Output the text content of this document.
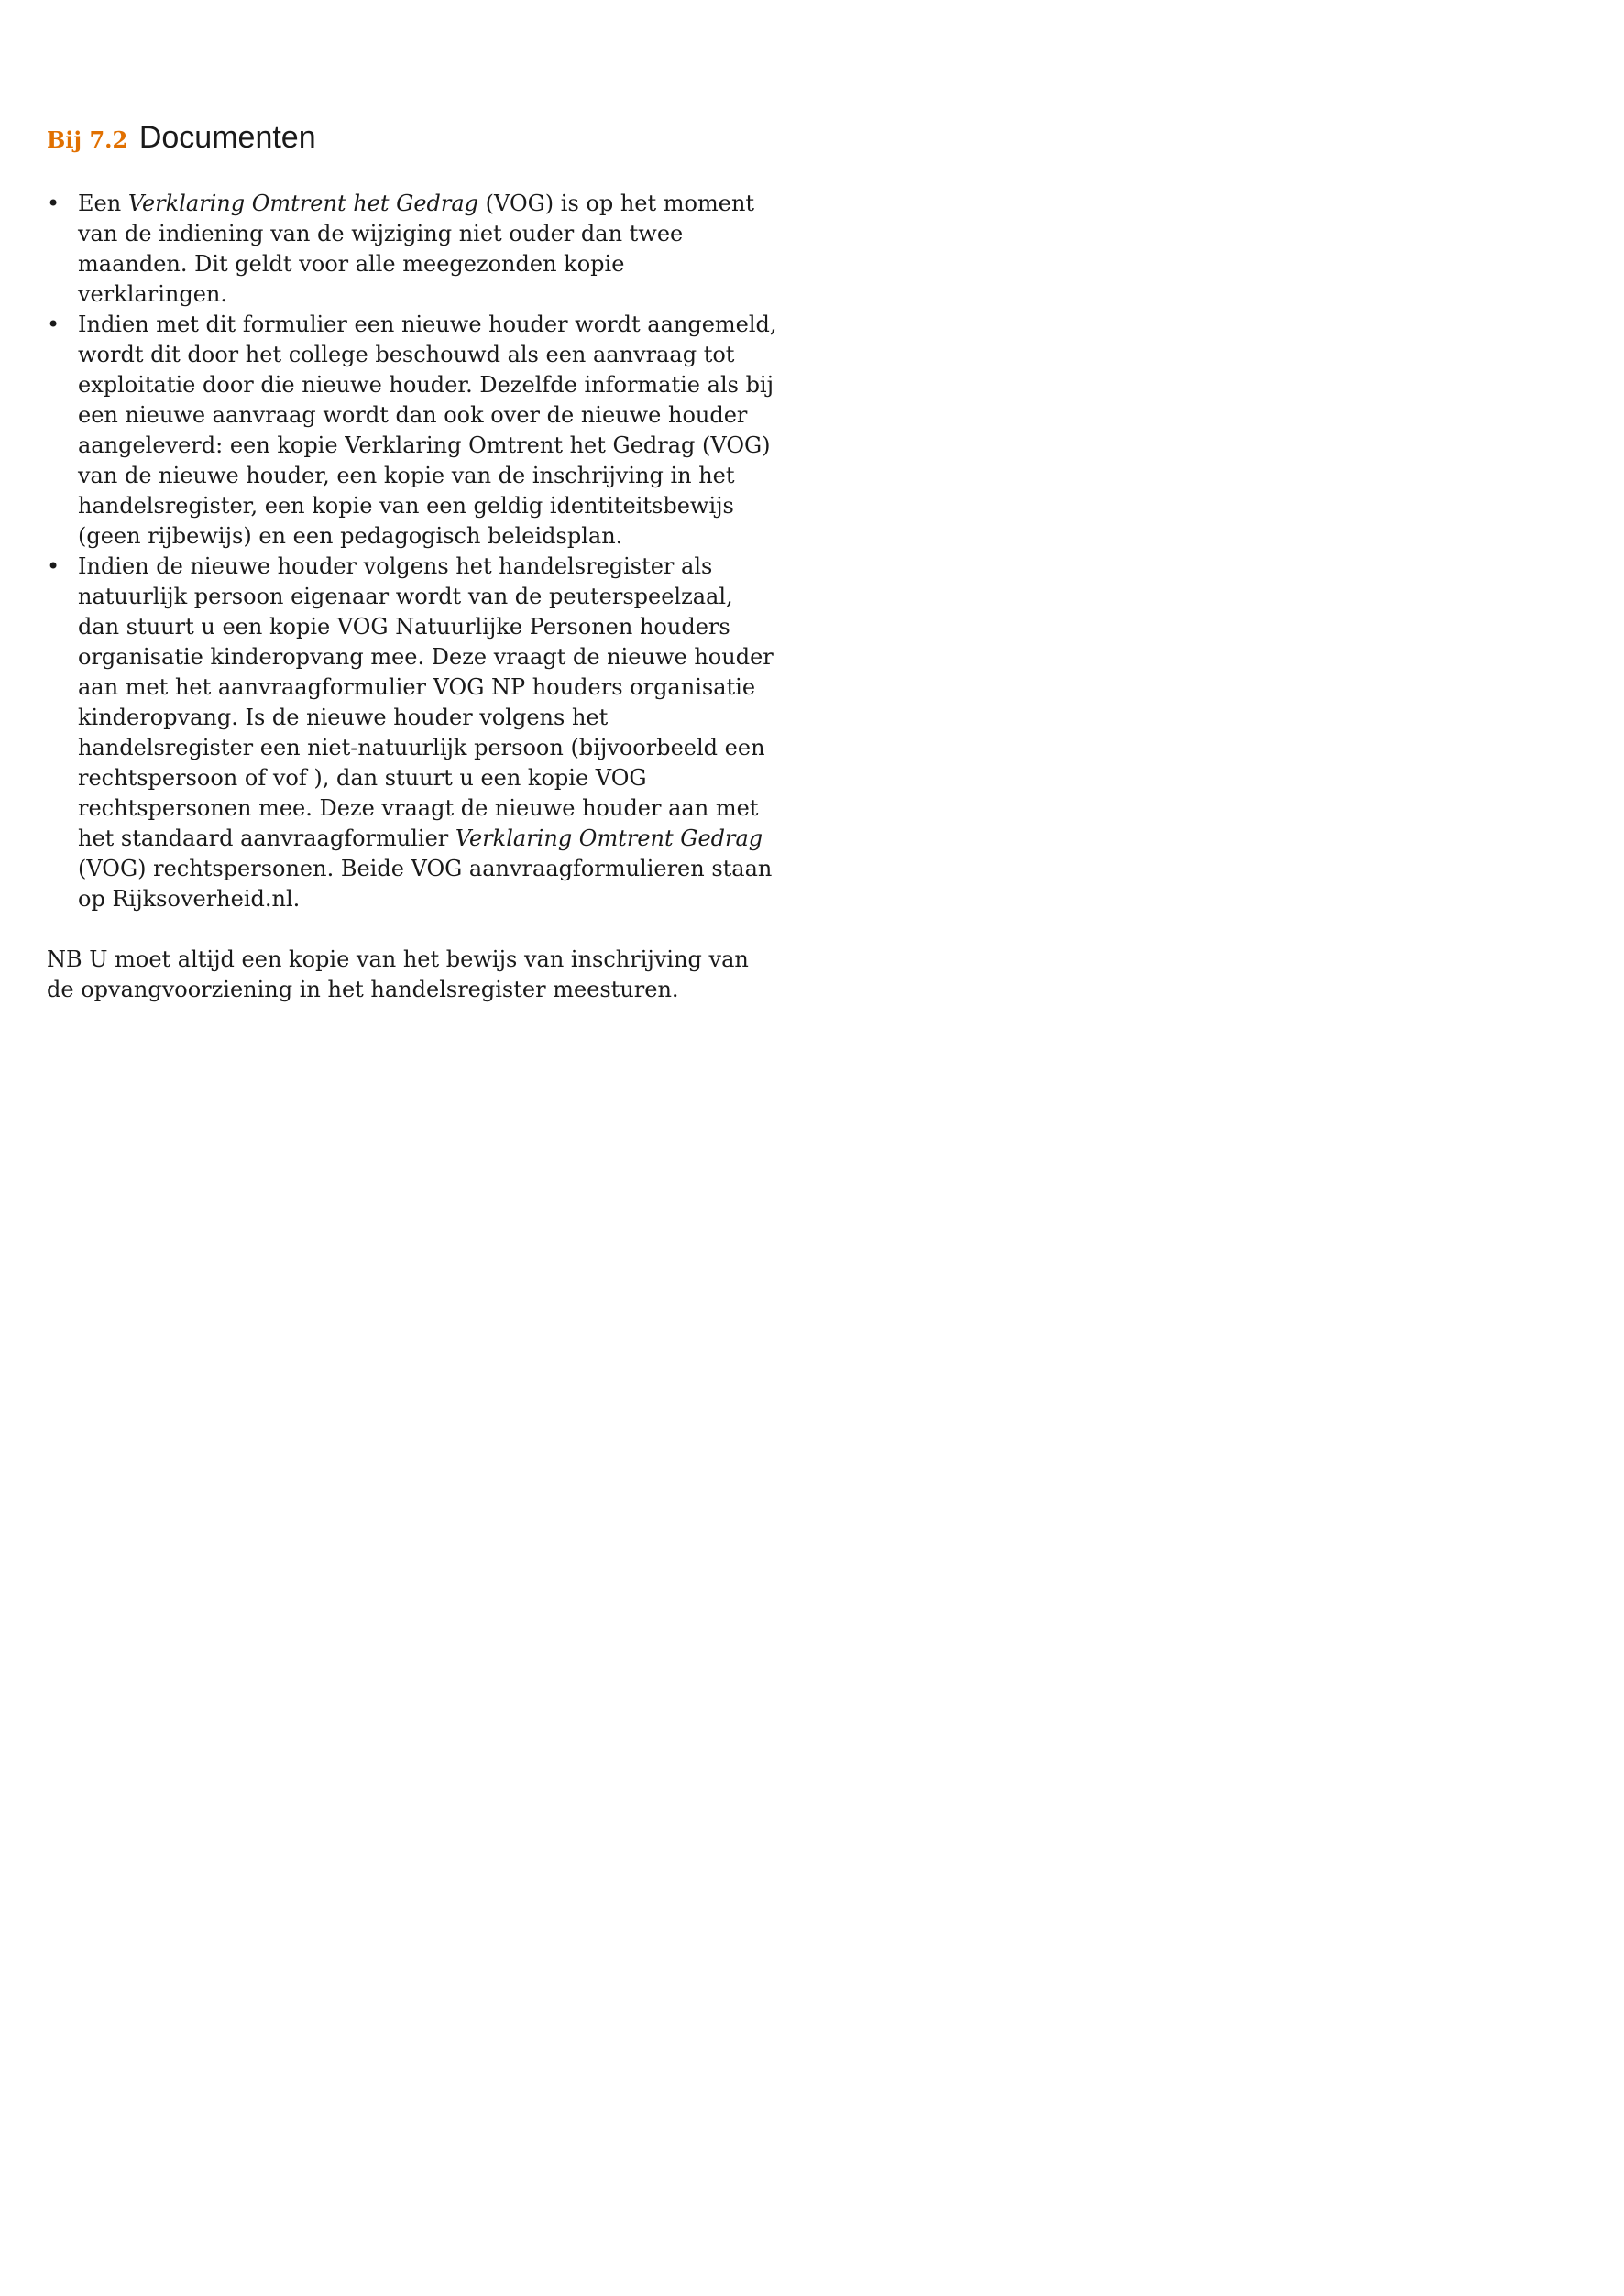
Bij 7.2 Documenten
• Een Verklaring Omtrent het Gedrag (VOG) is op het moment van de indiening van de wijziging niet ouder dan twee maanden. Dit geldt voor alle meegezonden kopie verklaringen.
• Indien met dit formulier een nieuwe houder wordt aangemeld, wordt dit door het college beschouwd als een aanvraag tot exploitatie door die nieuwe houder. Dezelfde informatie als bij een nieuwe aanvraag wordt dan ook over de nieuwe houder aangeleverd: een kopie Verklaring Omtrent het Gedrag (VOG) van de nieuwe houder, een kopie van de inschrijving in het handelsregister, een kopie van een geldig identiteitsbewijs (geen rijbewijs) en een pedagogisch beleidsplan.
• Indien de nieuwe houder volgens het handelsregister als natuurlijk persoon eigenaar wordt van de peuterspeelzaal, dan stuurt u een kopie VOG Natuurlijke Personen houders organisatie kinderopvang mee. Deze vraagt de nieuwe houder aan met het aanvraagformulier VOG NP houders organisatie kinderopvang. Is de nieuwe houder volgens het handelsregister een niet-natuurlijk persoon (bijvoorbeeld een rechtspersoon of vof ), dan stuurt u een kopie VOG rechtspersonen mee. Deze vraagt de nieuwe houder aan met het standaard aanvraagformulier Verklaring Omtrent Gedrag (VOG) rechtspersonen. Beide VOG aanvraagformulieren staan op Rijksoverheid.nl.

NB U moet altijd een kopie van het bewijs van inschrijving van de opvangvoorziening in het handelsregister meesturen.
